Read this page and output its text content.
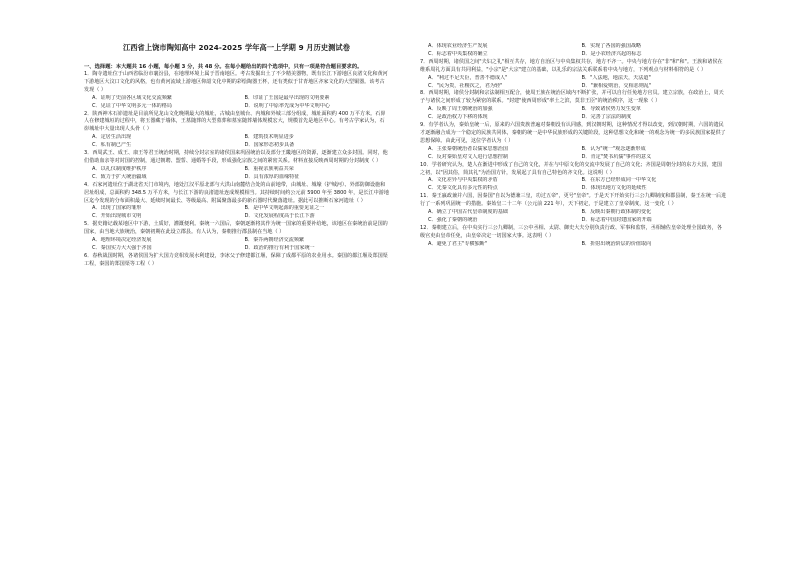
江西省上饶市陶知高中 2024-2025 学年高一上学期 9 月历史测试卷
一、选择题：本大题共 16 小题，每小题 3 分，共 48 分。在每小题给出的四个选项中，只有一项是符合题目要求的。
1．陶寺遗址位于山西省临汾市襄汾县，在地理环境上属于晋南地区。考古发掘出土了不少精美器物，既有长江下游地区良渚文化和黄河下游地区大汶口文化的风格，也有黄河流域上游地区仰韶文化中期的彩绘陶器王杯，还有类似于甘青地区齐家文化的大型铜器。该考古发现（ ）
A．证明了史前各区域文化交流频繁	B．印证了王国是最早出现的文明要素
C．见证了中华文明多元一体的格局	D．说明了中原率先成为中华文明中心
2．陕西神木石峁遗址是目前所见龙山文化晚期最大的城址，古城由皇城台、内城和外城三部分组成，城址面积约 400 万平方米。石峁人在修建城垣的过程中，将玉器藏于墙体，王墓随葬的大型墓葬和墓室随葬墙体规模宏大，规模首先是地区中心。有考古学家认为，石峁城址中大量出现人头骨（ ）
A．定居生活出现	B．建筑技术明显进步
C．私有制已产生	D．国家形态初步具备
3．西周武王、成王、康王等君王统治时期，持续分封宗室的诸侯国来巩固统治以及部分王畿地区的资源，逐渐建立众多封国。同时，他们借助血亲等对封国的控制，通过朝聘、盟誓、通婚等手段，形成强化宗族之间的紧密关系。材料直接反映西周时期的分封制度（ ）
A．以礼仪制度维护秩序	B．重视亲族利益共荣
C．致力于扩大统治疆域	D．具有浓厚的血缘特征
4．石家河遗址位于湖北省天门市境内，地处江汉平原北部与大洪山南麓结合处的山前地带，由城址、城壕（护城河）、外部防御设施和居址组成，总面积约 348.5 万平方米，与长江下游的良渚遗址连成规模相当。其持续时间约公元前 5900 年至 3800 年，是长江中游地区迄今发现的分布面积最大、延续时间最长、等级最高、附属聚落最多的新石器时代聚落遗址。据此可以推断石家河遗址（ ）
A．出现了国家的雏形	B．是中华文明起源的重要见证之一
C．开始出现城市文明	D．文化发展程度高于长江下游
5．据史籍记载某地区中下游，土质好，灌溉便利。秦统一六国后，秦朝逐渐将其作为统一国家的重要补给地，该地区在秦统治前是国的国家，由当地大族统治，秦朝初期在此设立郡县。有人认为，秦朝推行郡县制在当地（ ）
A．地理环境决定经济发展	B．秦芥两朝经济交流频繁
C．秦国实力大大强于齐国	D．政治的推行有利于国家统一
6．春秋战国时期，各诸侯国为扩大国力竞相发展水利建设，李冰父子修建都江堰，保障了成都平原的农业用水。秦国的都江堰及郑国渠工程，秦国的郑国渠等工程（ ）
A．体现农业经济生产发展	B．实现了各国的强国战略
C．标志着中央集权的确立	D．是小农经济兴起的标志
7．西周时期，诸侯国之间"夫妇之礼"相互共存，地方自治区与中央集权共存，地方不齐一。中央与地方存在"非"和"和"。王族和诸侯在维系周礼方面具有共同利益，"小宗"是"大宗"建立的基础，以礼乐的宗法关系联系着中央与地方，下列观点与材料相符的是（ ）
A．"利过不足夫臣，普善不德成人"	B．"人法地，地法天，天法道"
C．"民为贵，社稷次之，君为轻"	D．"兼相爱则治，交相恶则乱"
8．西周时期，诸侯分封制和宗法制相互配合，使周王族在统治区域内不断扩张，并可以自行任免地方官员。建立宗族，在政治上，周天子与诸侯之间形成了较为紧密的联系。"封建"使西周形成"率土之滨，莫非王臣"的统治秩序，这一现象（ ）
A．反映了周王朝统治的加强	B．导致诸侯势力发生变革
C．是政治权力下移的体现	D．完善了宗法的制度
9．有学者认为，秦始皇统一后，原来的六国贵族普遍对秦朝没有认同感，到汉朝时期，这种情况才得以改变，到汉朝时期，六国的遗民才逐渐融合成为一个稳定的民族共同体，秦朝的统一是中华民族形成的关键阶段，这种思想文化和统一的观念为统一的多民族国家提供了思想保障。由此可见，这位学者认为（ ）
A．主张秦朝统治者以儒家思想治国	B．认为"统一"观念逐渐形成
C．反对秦始皇对文人进行思想控制	D．肯定"焚书坑儒"事件的意义
10．学者研究认为，楚人在渐进中形成了自己的文化，并在与中原文化的交流中发展了自己的文化；齐国是周朝分封的东方大国，建国之初，以"因其俗，简其礼"为治国方针，发展起了具有自己特色的齐文化。这说明（ ）
A．文化差异与中央集权的矛盾	B．在东方已经形成同一中华文化
C．先秦文化具有多元性的特点	D．体现出地方文化的延续性
11．秦王嬴政兼并六国，因秦国"自以为德兼三皇，功过五帝"，更号"皇帝"。于是天下开始实行三公九卿制度和郡县制，秦王在统一后进行了一系列巩固统一的措施。秦始皇二十二年（公元前 221 年），天下初定，于是建立了皇帝制度，这一变化（ ）
A．确立了中国古代皇帝制度的基础	B．反映出秦朝行政体制的变化
C．强化了秦朝的统治	D．标志着中国封建国家的开端
12．秦朝建立后，在中央实行三公九卿制，三公中丞相、太尉、御史大夫分别负责行政、军事和监察，丞相辅佐皇帝处理全国政务，各级官吏由皇帝任免，由皇帝决定一切国家大事。这表明（ ）
A．避免了君主"专横独断"	B．折射出统治阶层的价值取向
